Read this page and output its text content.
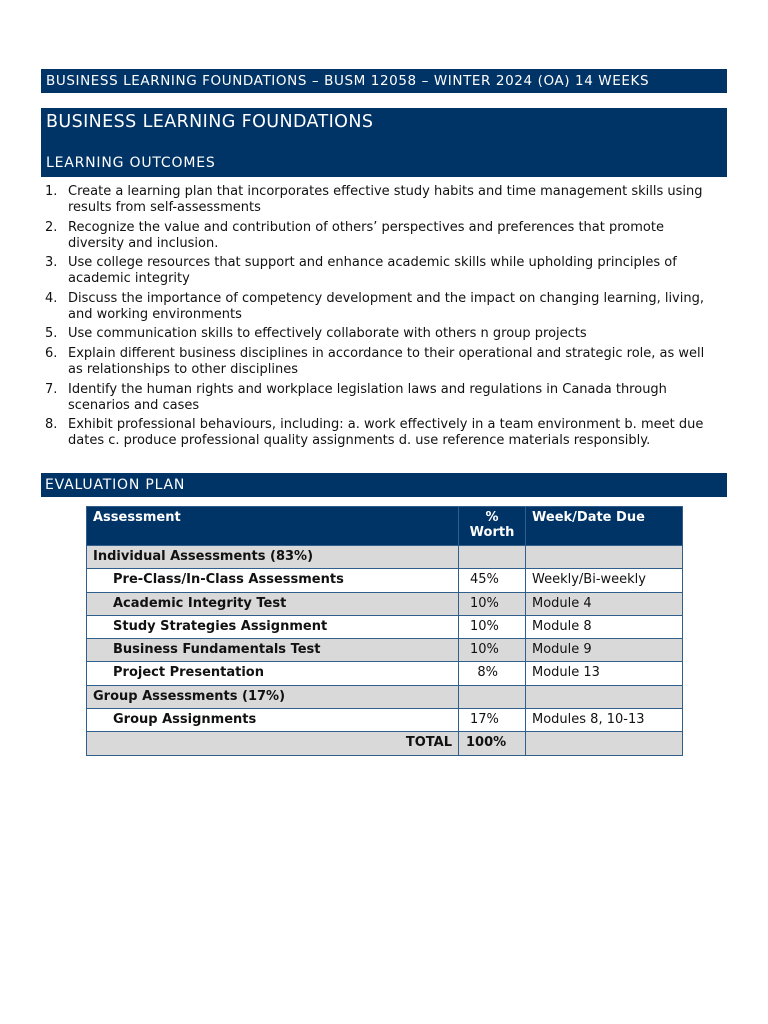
BUSINESS LEARNING FOUNDATIONS – BUSM 12058 – WINTER 2024 (OA) 14 WEEKS
BUSINESS LEARNING FOUNDATIONS
LEARNING OUTCOMES
1. Create a learning plan that incorporates effective study habits and time management skills using results from self-assessments
2. Recognize the value and contribution of others’ perspectives and preferences that promote diversity and inclusion.
3. Use college resources that support and enhance academic skills while upholding principles of academic integrity
4. Discuss the importance of competency development and the impact on changing learning, living, and working environments
5. Use communication skills to effectively collaborate with others n group projects
6. Explain different business disciplines in accordance to their operational and strategic role, as well as relationships to other disciplines
7. Identify the human rights and workplace legislation laws and regulations in Canada through scenarios and cases
8. Exhibit professional behaviours, including: a. work effectively in a team environment b. meet due dates c. produce professional quality assignments d. use reference materials responsibly.
EVALUATION PLAN
Assessment	% Worth	Week/Date Due
Individual Assessments (83%)		
Pre-Class/In-Class Assessments	45%	Weekly/Bi-weekly
Academic Integrity Test	10%	Module 4
Study Strategies Assignment	10%	Module 8
Business Fundamentals Test	10%	Module 9
Project Presentation	8%	Module 13
Group Assessments (17%)		
Group Assignments	17%	Modules 8, 10-13
TOTAL	100%	
